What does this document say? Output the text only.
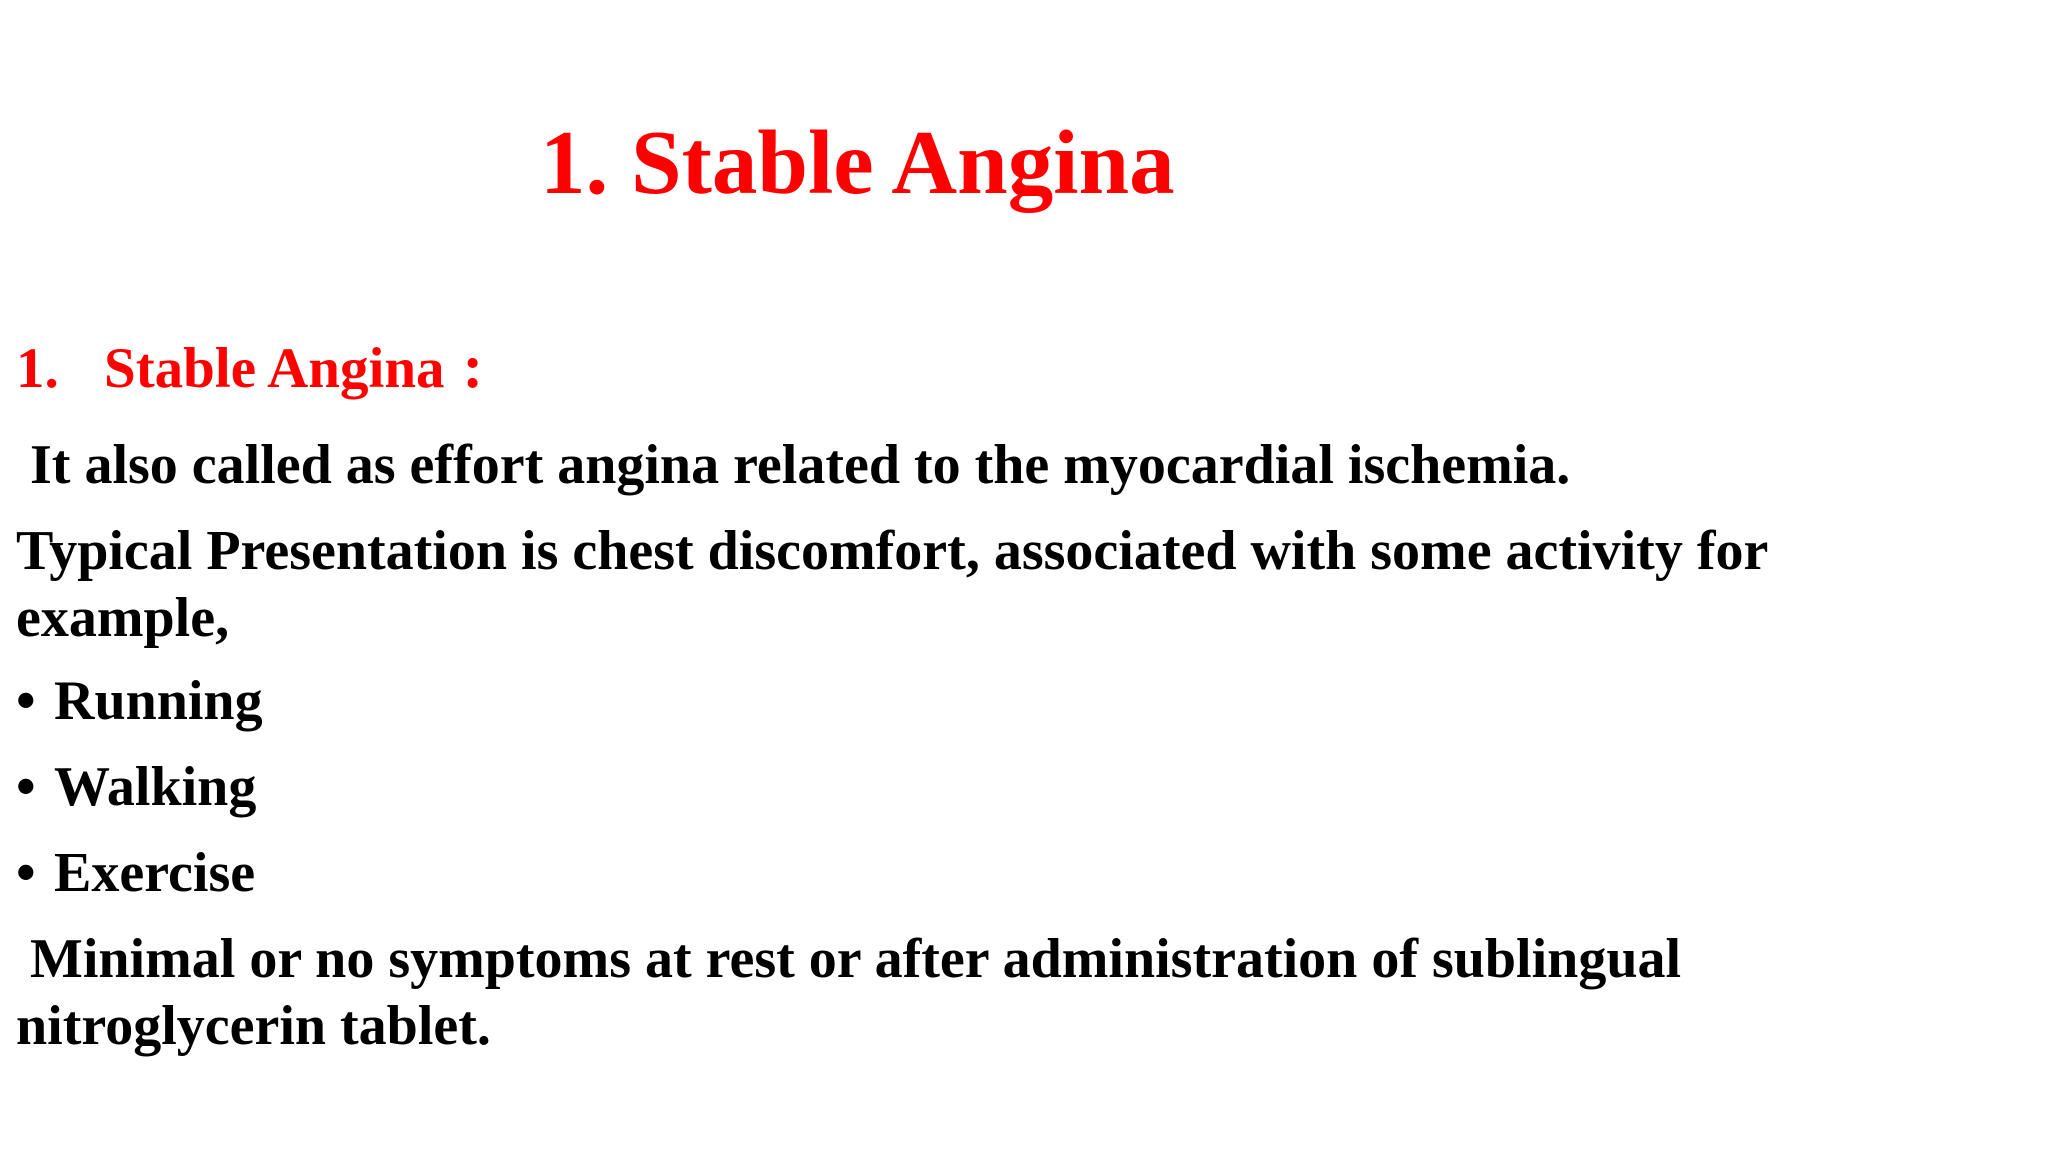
1. Stable Angina
1. Stable Angina :
It also called as effort angina related to the myocardial ischemia.
Typical Presentation is chest discomfort, associated with some activity for
example,
• Running
• Walking
• Exercise
Minimal or no symptoms at rest or after administration of sublingual
nitroglycerin tablet.
